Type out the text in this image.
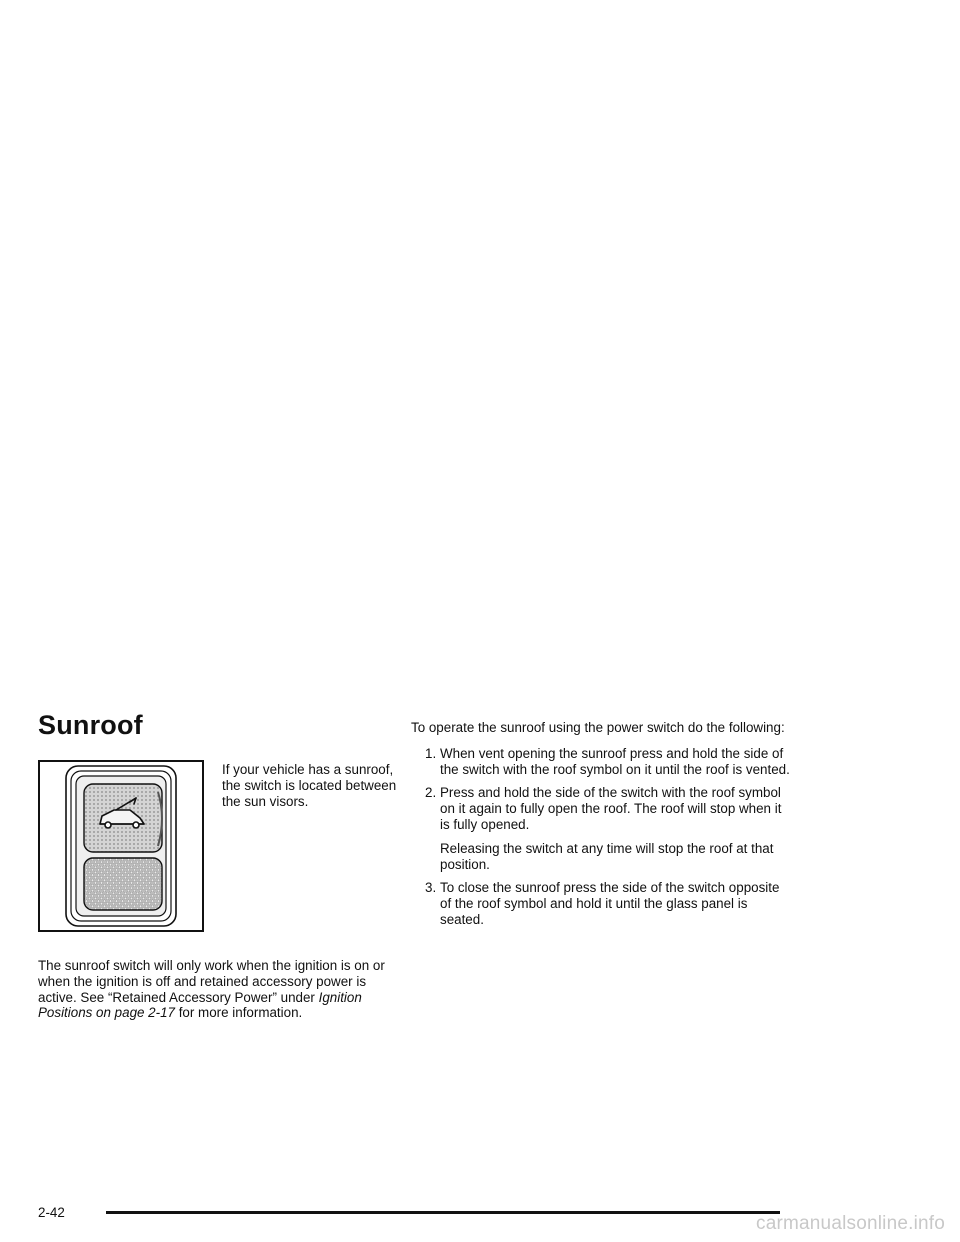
Sunroof

If your vehicle has a sunroof, the switch is located between the sun visors.

The sunroof switch will only work when the ignition is on or when the ignition is off and retained accessory power is active. See “Retained Accessory Power” under Ignition Positions on page 2-17 for more information.

To operate the sunroof using the power switch do the following:

1. When vent opening the sunroof press and hold the side of the switch with the roof symbol on it until the roof is vented.
2. Press and hold the side of the switch with the roof symbol on it again to fully open the roof. The roof will stop when it is fully opened.
Releasing the switch at any time will stop the roof at that position.
3. To close the sunroof press the side of the switch opposite of the roof symbol and hold it until the glass panel is seated.

2-42

carmanualsonline.info
